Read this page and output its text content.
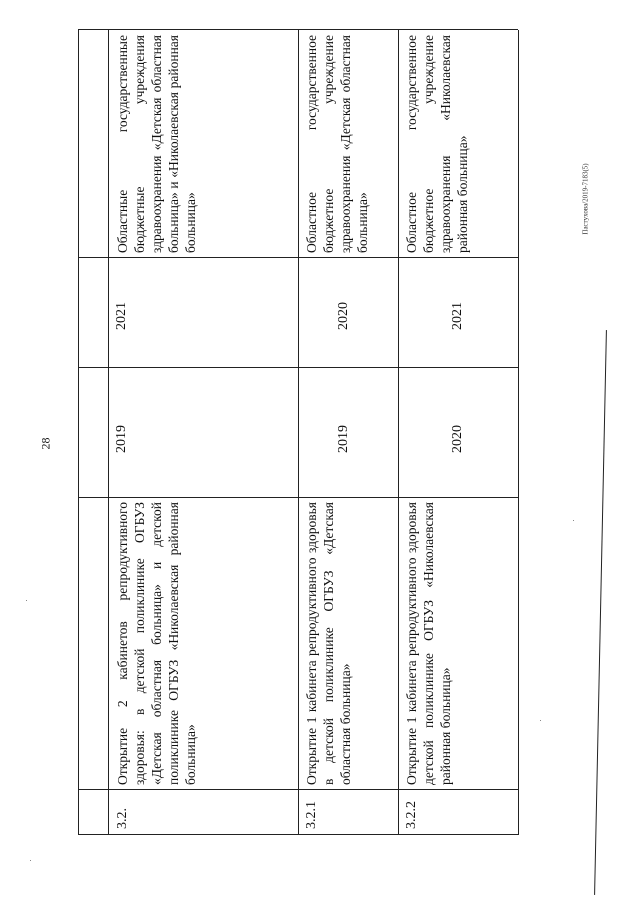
28
Пастухова/2019-7183(5)
3.2.
Открытие 2 кабинетов репродуктивного здоровья: в детской поликлинике ОГБУЗ «Детская областная больница» и детской поликлинике ОГБУЗ «Николаевская районная больница»
2019
2021
Областные государственные бюджетные учреждения здравоохранения «Детская областная больница» и «Николаевская районная больница»
3.2.1
Открытие 1 кабинета репродуктивного здоровья в детской поликлинике ОГБУЗ «Детская областная больница»
2019
2020
Областное государственное бюджетное учреждение здравоохранения «Детская областная больница»
3.2.2
Открытие 1 кабинета репродуктивного здоровья детской поликлинике ОГБУЗ «Николаевская районная больница»
2020
2021
Областное государственное бюджетное учреждение здравоохранения «Николаевская районная больница»
